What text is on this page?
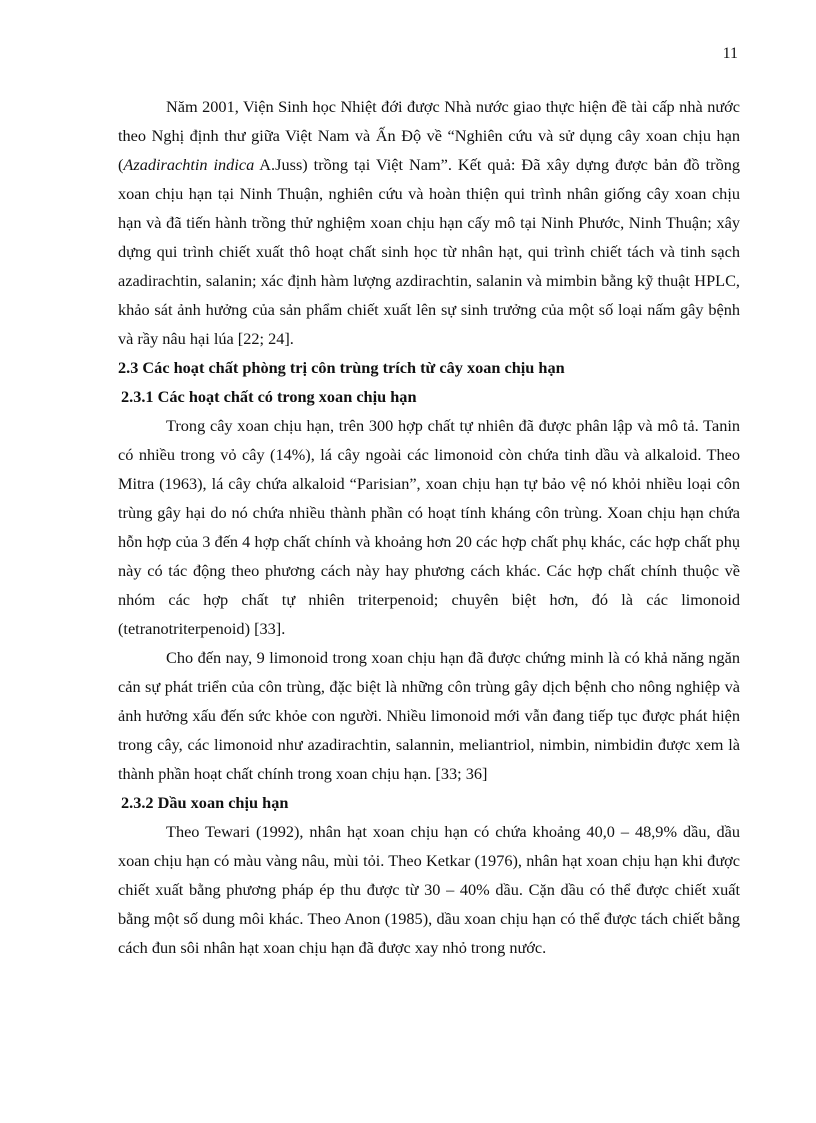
11

Năm 2001, Viện Sinh học Nhiệt đới được Nhà nước giao thực hiện đề tài cấp nhà nước theo Nghị định thư giữa Việt Nam và Ấn Độ về “Nghiên cứu và sử dụng cây xoan chịu hạn (Azadirachtin indica A.Juss) trồng tại Việt Nam”. Kết quả: Đã xây dựng được bản đồ trồng xoan chịu hạn tại Ninh Thuận, nghiên cứu và hoàn thiện qui trình nhân giống cây xoan chịu hạn và đã tiến hành trồng thử nghiệm xoan chịu hạn cấy mô tại Ninh Phước, Ninh Thuận; xây dựng qui trình chiết xuất thô hoạt chất sinh học từ nhân hạt, qui trình chiết tách và tinh sạch azadirachtin, salanin; xác định hàm lượng azdirachtin, salanin và mimbin bằng kỹ thuật HPLC, khảo sát ảnh hưởng của sản phẩm chiết xuất lên sự sinh trưởng của một số loại nấm gây bệnh và rầy nâu hại lúa [22; 24].

2.3 Các hoạt chất phòng trị côn trùng trích từ cây xoan chịu hạn

2.3.1 Các hoạt chất có trong xoan chịu hạn

Trong cây xoan chịu hạn, trên 300 hợp chất tự nhiên đã được phân lập và mô tả. Tanin có nhiều trong vỏ cây (14%), lá cây ngoài các limonoid còn chứa tinh dầu và alkaloid. Theo Mitra (1963), lá cây chứa alkaloid “Parisian”, xoan chịu hạn tự bảo vệ nó khỏi nhiều loại côn trùng gây hại do nó chứa nhiều thành phần có hoạt tính kháng côn trùng. Xoan chịu hạn chứa hỗn hợp của 3 đến 4 hợp chất chính và khoảng hơn 20 các hợp chất phụ khác, các hợp chất phụ này có tác động theo phương cách này hay phương cách khác. Các hợp chất chính thuộc về nhóm các hợp chất tự nhiên triterpenoid; chuyên biệt hơn, đó là các limonoid (tetranotriterpenoid) [33].

Cho đến nay, 9 limonoid trong xoan chịu hạn đã được chứng minh là có khả năng ngăn cản sự phát triển của côn trùng, đặc biệt là những côn trùng gây dịch bệnh cho nông nghiệp và ảnh hưởng xấu đến sức khỏe con người. Nhiều limonoid mới vẫn đang tiếp tục được phát hiện trong cây, các limonoid như azadirachtin, salannin, meliantriol, nimbin, nimbidin được xem là thành phần hoạt chất chính trong xoan chịu hạn. [33; 36]

2.3.2 Dầu xoan chịu hạn

Theo Tewari (1992), nhân hạt xoan chịu hạn có chứa khoảng 40,0 – 48,9% dầu, dầu xoan chịu hạn có màu vàng nâu, mùi tỏi. Theo Ketkar (1976), nhân hạt xoan chịu hạn khi được chiết xuất bằng phương pháp ép thu được từ 30 – 40% dầu. Cặn dầu có thể được chiết xuất bằng một số dung môi khác. Theo Anon (1985), dầu xoan chịu hạn có thể được tách chiết bằng cách đun sôi nhân hạt xoan chịu hạn đã được xay nhỏ trong nước.
